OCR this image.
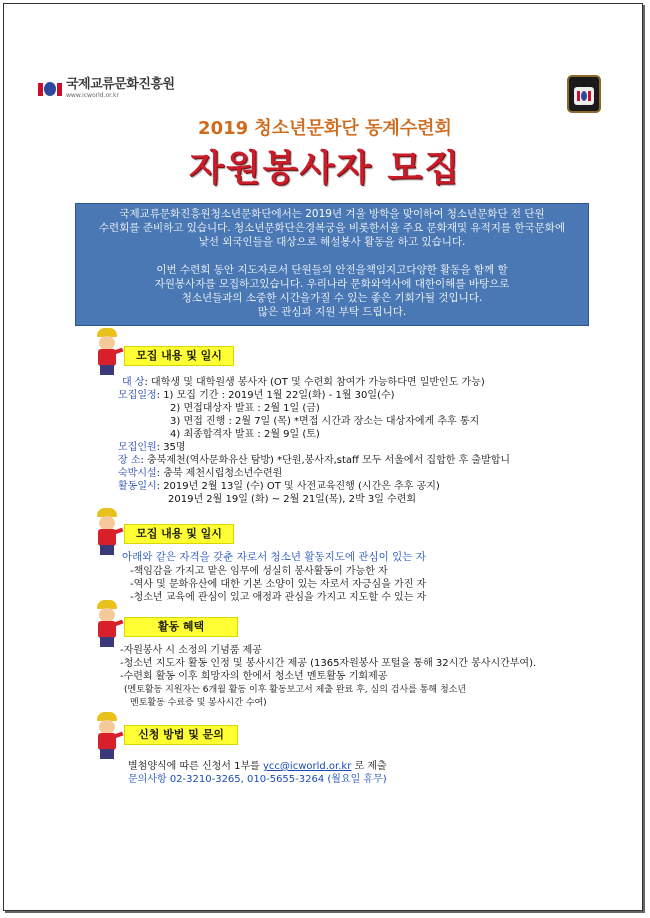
국제교류문화진흥원
www.icworld.or.kr
2019 청소년문화단 동계수련회
자원봉사자 모집

국제교류문화진흥원청소년문화단에서는 2019년 겨울 방학을 맞이하여 청소년문화단 전 단원

수련회를 준비하고 있습니다. 청소년문화단은경복궁을 비롯한서울 주요 문화재및 유적지를 한국문화에

낯선 외국인들을 대상으로 해설봉사 활동을 하고 있습니다.

이번 수련회 동안 지도자로서 단원들의 안전을책임지고다양한 활동을 함께 할

자원봉사자를 모집하고있습니다. 우리나라 문화와역사에 대한이해를 바탕으로

청소년들과의 소중한 시간을가질 수 있는 좋은 기회가될 것입니다.

많은 관심과 지원 부탁 드립니다.

모집 내용 및 일시
대 상: 대학생 및 대학원생 봉사자 (OT 및 수련회 참여가 가능하다면 일반인도 가능)
모집일정: 1) 모집 기간 : 2019년 1월 22일(화) - 1월 30일(수)
2) 면접대상자 발표 : 2월 1일 (금)
3) 면접 진행 : 2월 7일 (목) *면접 시간과 장소는 대상자에게 추후 통지
4) 최종합격자 발표 : 2월 9일 (토)
모집인원: 35명
장 소: 충북제천(역사문화유산 탐방) *단원,봉사자,staff 모두 서울에서 집합한 후 출발합니
숙박시설: 충북 제천시립청소년수련원
활동일시: 2019년 2월 13일 (수) OT 및 사전교육진행 (시간은 추후 공지)
2019년 2월 19일 (화) ~ 2월 21일(목), 2박 3일 수련회
모집 내용 및 일시
아래와 같은 자격을 갖춘 자로서 청소년 활동지도에 관심이 있는 자
-책임감을 가지고 맡은 임무에 성실히 봉사활동이 가능한 자
-역사 및 문화유산에 대한 기본 소양이 있는 자로서 자긍심을 가진 자
-청소년 교육에 관심이 있고 애정과 관심을 가지고 지도할 수 있는 자
활동 혜택
-자원봉사 시 소정의 기념품 제공
-청소년 지도자 활동 인정 및 봉사시간 제공 (1365자원봉사 포털을 통해 32시간 봉사시간부여).
-수련회 활동 이후 희망자의 한에서 청소년 멘토활동 기회제공
(멘토활동 지원자는 6개월 활동 이후 활동보고서 제출 완료 후, 심의 검사를 통해 청소년
멘토활동 수료증 및 봉사시간 수여)
신청 방법 및 문의
별첨양식에 따른 신청서 1부를 ycc@icworld.or.kr 로 제출
문의사항 02-3210-3265, 010-5655-3264 (월요일 휴무)
